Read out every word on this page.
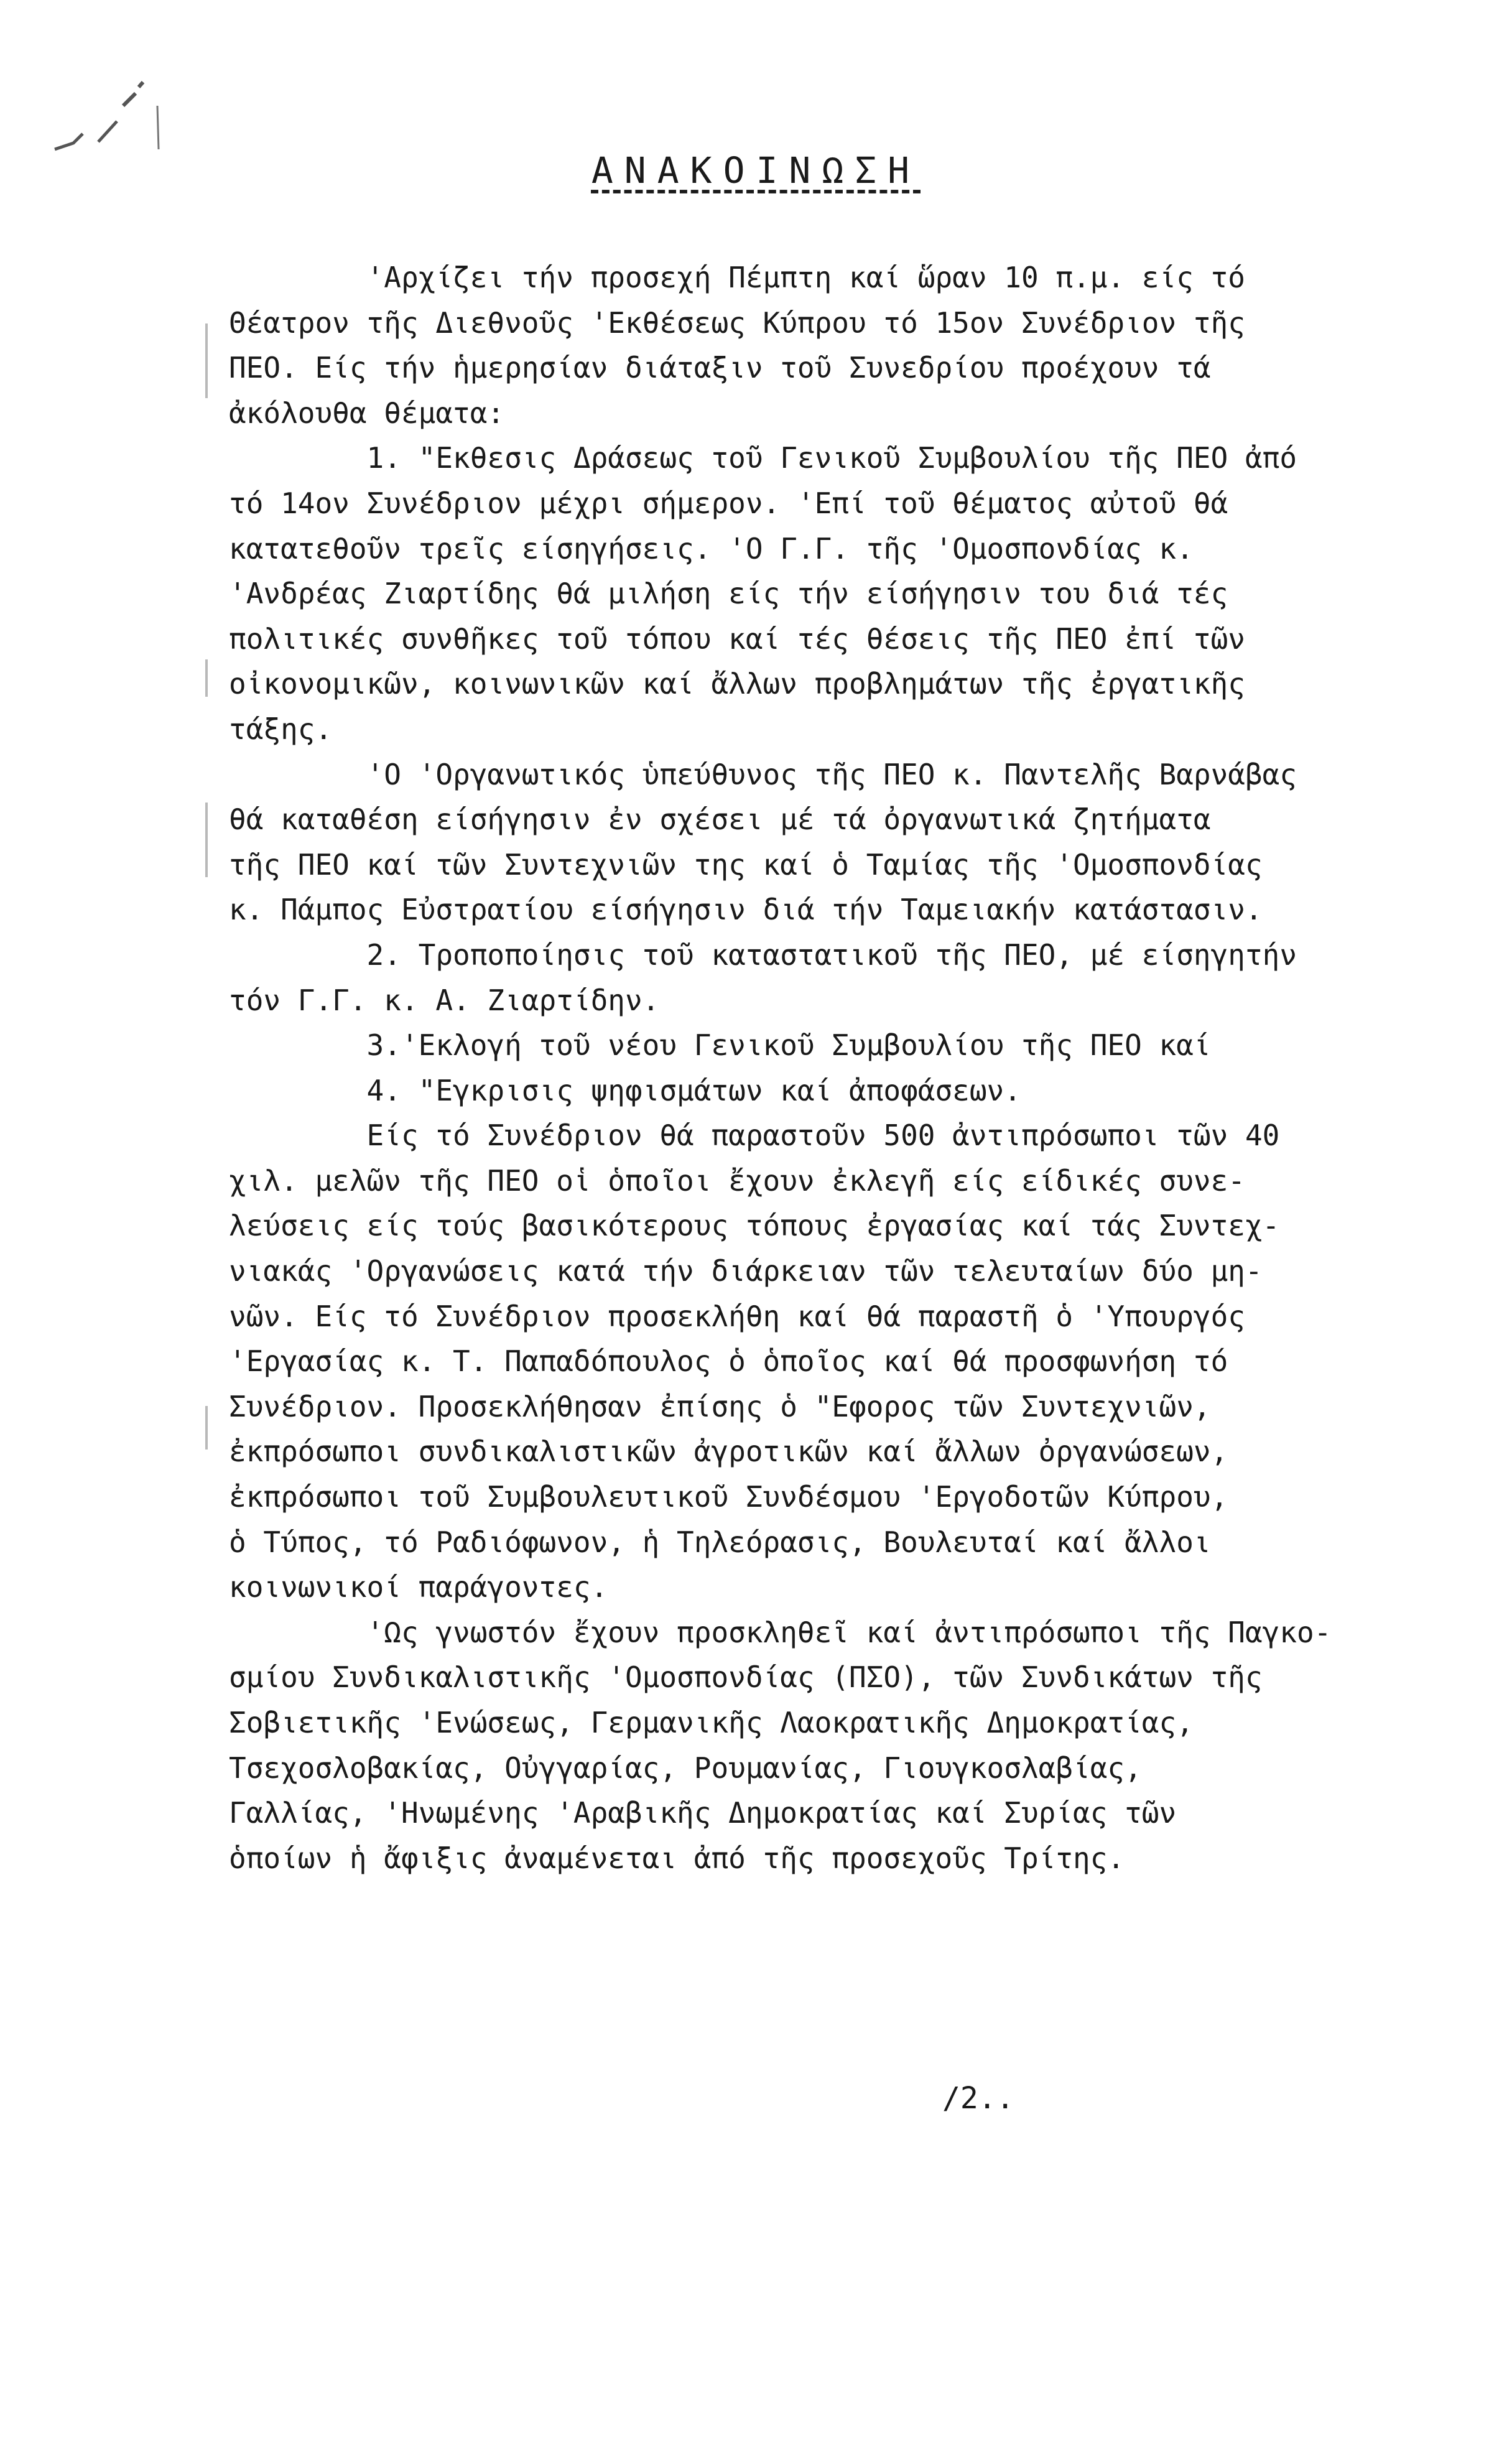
ΑΝΑΚΟΙΝΩΣΗ
'Αρχίζει τήν προσεχή Πέμπτη καί ὥραν 10 π.μ. είς τό
Θέατρον τῆς Διεθνοῦς 'Εκθέσεως Κύπρου τό 15ον Συνέδριον τῆς
ΠΕΟ. Είς τήν ἡμερησίαν διάταξιν τοῦ Συνεδρίου προέχουν τά
ἀκόλουθα θέματα:
1. "Εκθεσις Δράσεως τοῦ Γενικοῦ Συμβουλίου τῆς ΠΕΟ ἀπό
τό 14ον Συνέδριον μέχρι σήμερον. 'Επί τοῦ θέματος αὐτοῦ θά
κατατεθοῦν τρεῖς είσηγήσεις. 'Ο Γ.Γ. τῆς 'Ομοσπονδίας κ.
'Ανδρέας Ζιαρτίδης θά μιλήση είς τήν είσήγησιν του διά τές
πολιτικές συνθῆκες τοῦ τόπου καί τές θέσεις τῆς ΠΕΟ ἐπί τῶν
οἰκονομικῶν, κοινωνικῶν καί ἄλλων προβλημάτων τῆς ἐργατικῆς
τάξης.
'Ο 'Οργανωτικός ὑπεύθυνος τῆς ΠΕΟ κ. Παντελῆς Βαρνάβας
θά καταθέση είσήγησιν ἐν σχέσει μέ τά ὀργανωτικά ζητήματα
τῆς ΠΕΟ καί τῶν Συντεχνιῶν της καί ὁ Ταμίας τῆς 'Ομοσπονδίας
κ. Πάμπος Εὐστρατίου είσήγησιν διά τήν Ταμειακήν κατάστασιν.
2. Τροποποίησις τοῦ καταστατικοῦ τῆς ΠΕΟ, μέ είσηγητήν
τόν Γ.Γ. κ. Α. Ζιαρτίδην.
3.'Εκλογή τοῦ νέου Γενικοῦ Συμβουλίου τῆς ΠΕΟ καί
4. "Εγκρισις ψηφισμάτων καί ἀποφάσεων.
Είς τό Συνέδριον θά παραστοῦν 500 ἀντιπρόσωποι τῶν 40
χιλ. μελῶν τῆς ΠΕΟ οἱ ὁποῖοι ἔχουν ἐκλεγῆ είς είδικές συνε-
λεύσεις είς τούς βασικότερους τόπους ἐργασίας καί τάς Συντεχ-
νιακάς 'Οργανώσεις κατά τήν διάρκειαν τῶν τελευταίων δύο μη-
νῶν. Είς τό Συνέδριον προσεκλήθη καί θά παραστῆ ὁ 'Υπουργός
'Εργασίας κ. Τ. Παπαδόπουλος ὁ ὁποῖος καί θά προσφωνήση τό
Συνέδριον. Προσεκλήθησαν ἐπίσης ὁ "Εφορος τῶν Συντεχνιῶν,
ἐκπρόσωποι συνδικαλιστικῶν ἀγροτικῶν καί ἄλλων ὀργανώσεων,
ἐκπρόσωποι τοῦ Συμβουλευτικοῦ Συνδέσμου 'Εργοδοτῶν Κύπρου,
ὁ Τύπος, τό Ραδιόφωνον, ἡ Τηλεόρασις, Βουλευταί καί ἄλλοι
κοινωνικοί παράγοντες.
'Ως γνωστόν ἔχουν προσκληθεῖ καί ἀντιπρόσωποι τῆς Παγκο-
σμίου Συνδικαλιστικῆς 'Ομοσπονδίας (ΠΣΟ), τῶν Συνδικάτων τῆς
Σοβιετικῆς 'Ενώσεως, Γερμανικῆς Λαοκρατικῆς Δημοκρατίας,
Τσεχοσλοβακίας, Οὐγγαρίας, Ρουμανίας, Γιουγκοσλαβίας,
Γαλλίας, 'Ηνωμένης 'Αραβικῆς Δημοκρατίας καί Συρίας τῶν
ὁποίων ἡ ἄφιξις ἀναμένεται ἀπό τῆς προσεχοῦς Τρίτης.
/2..
